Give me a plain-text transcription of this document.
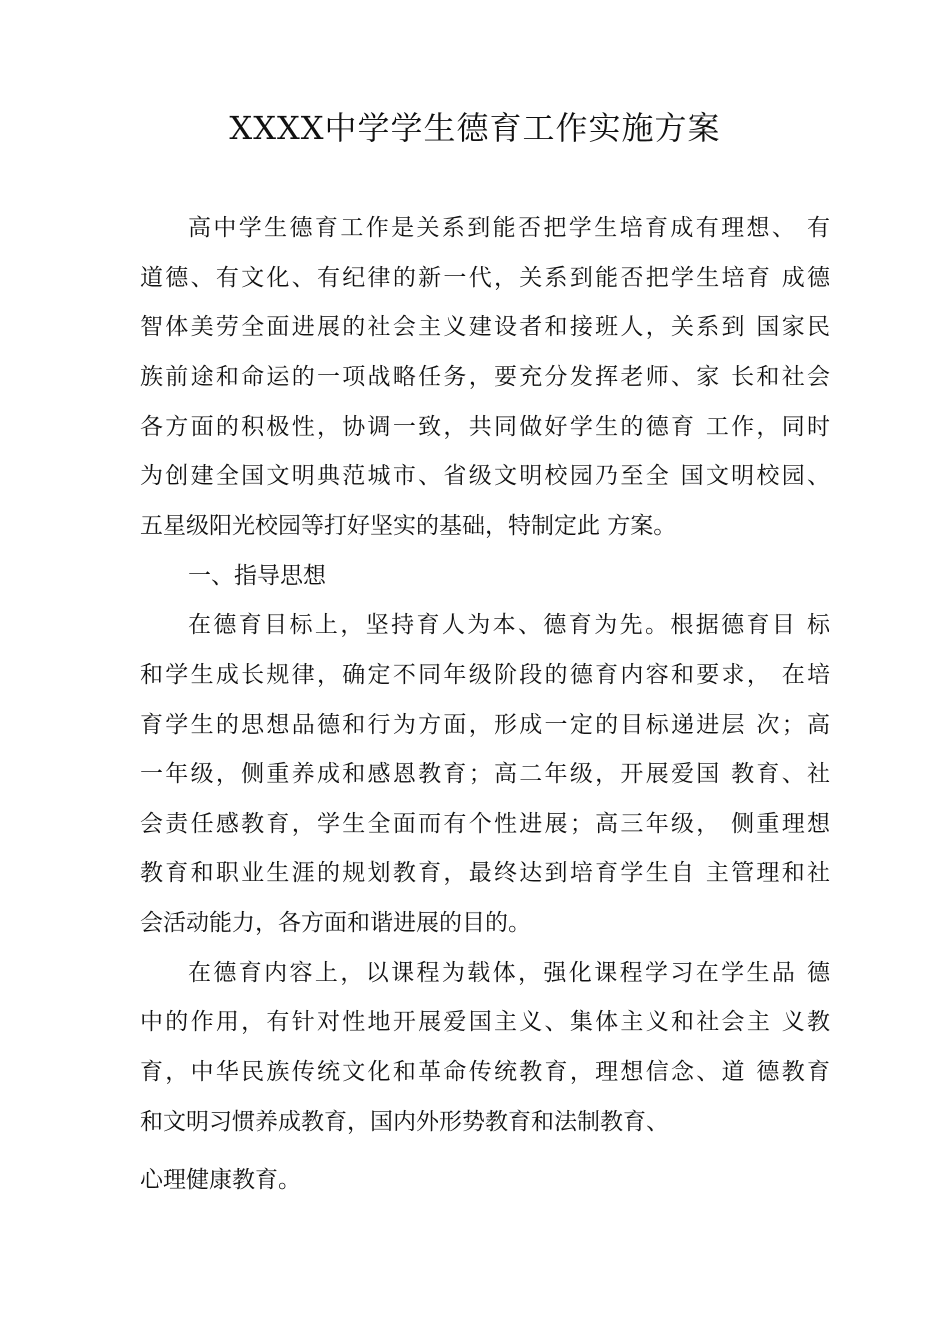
XXXX中学学生德育工作实施方案
高中学生德育工作是关系到能否把学生培育成有理想、 有
道德、有文化、有纪律的新一代，关系到能否把学生培育 成德
智体美劳全面进展的社会主义建设者和接班人，关系到 国家民
族前途和命运的一项战略任务，要充分发挥老师、家 长和社会
各方面的积极性，协调一致，共同做好学生的德育 工作，同时
为创建全国文明典范城市、省级文明校园乃至全 国文明校园、
五星级阳光校园等打好坚实的基础，特制定此 方案。
一、指导思想
在德育目标上，坚持育人为本、德育为先。根据德育目 标
和学生成长规律，确定不同年级阶段的德育内容和要求， 在培
育学生的思想品德和行为方面，形成一定的目标递进层 次；高
一年级，侧重养成和感恩教育；高二年级，开展爱国 教育、社
会责任感教育，学生全面而有个性进展；高三年级， 侧重理想
教育和职业生涯的规划教育，最终达到培育学生自 主管理和社
会活动能力，各方面和谐进展的目的。
在德育内容上，以课程为载体，强化课程学习在学生品 德
中的作用，有针对性地开展爱国主义、集体主义和社会主 义教
育，中华民族传统文化和革命传统教育，理想信念、道 德教育
和文明习惯养成教育，国内外形势教育和法制教育、
心理健康教育。
